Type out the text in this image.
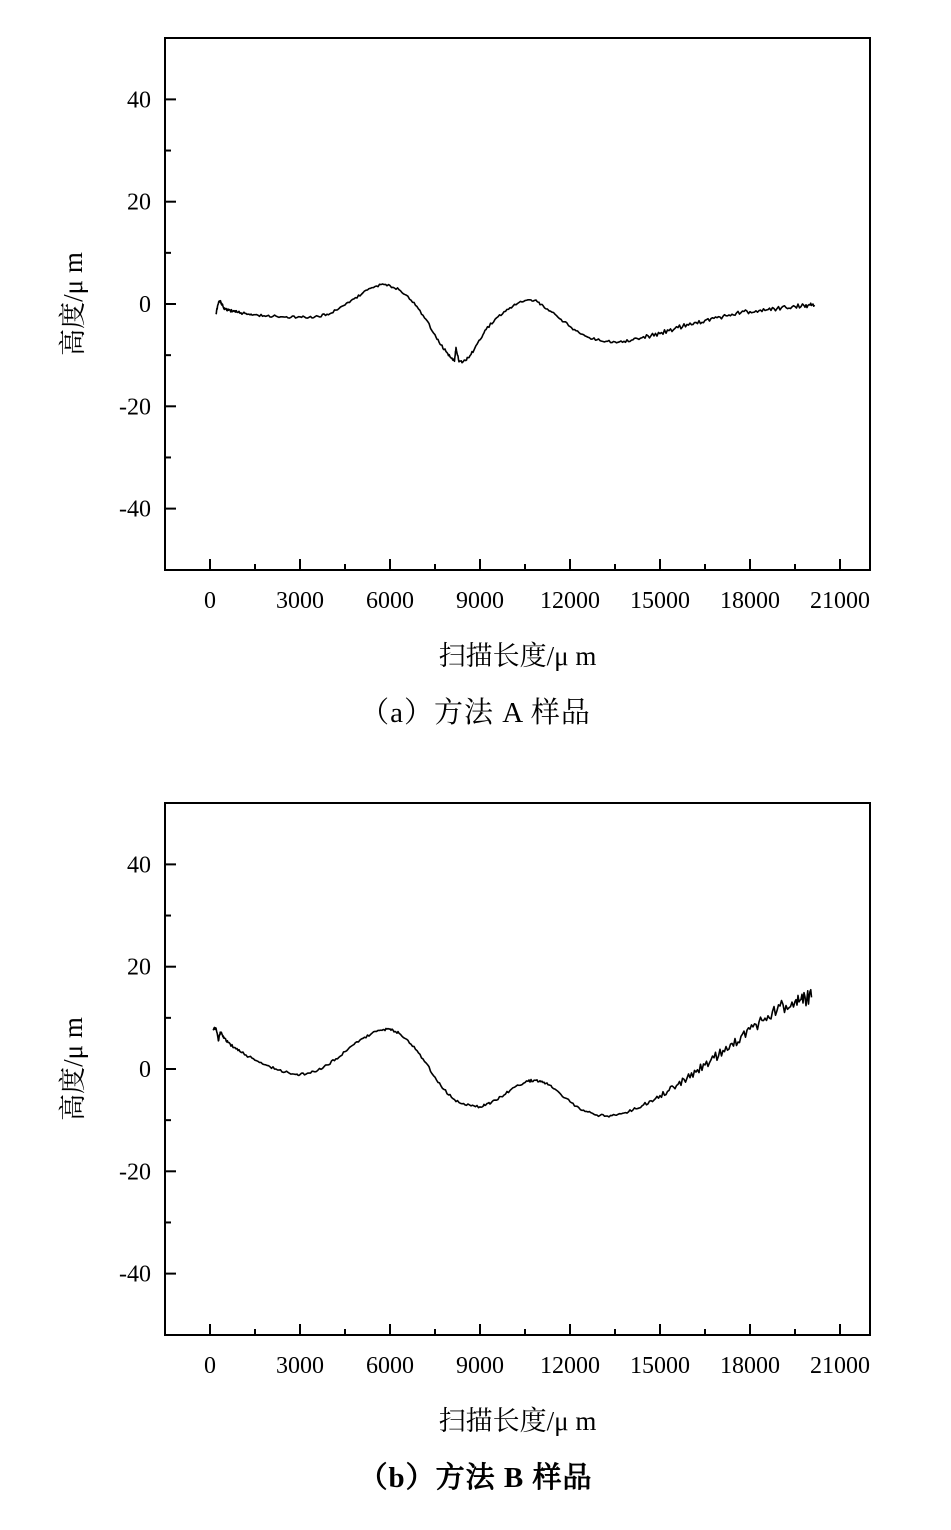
0	3000 6000 9000 12000 15000 18000 21000
-40
-20
0
20
40
扫描长度/μ m
高度/μ m
（a）方法 A 样品
0	3000 6000 9000 12000 15000 18000 21000
-40
-20
0
20
40
扫描长度/μ m
高度/μ m
（b）方法 B 样品
